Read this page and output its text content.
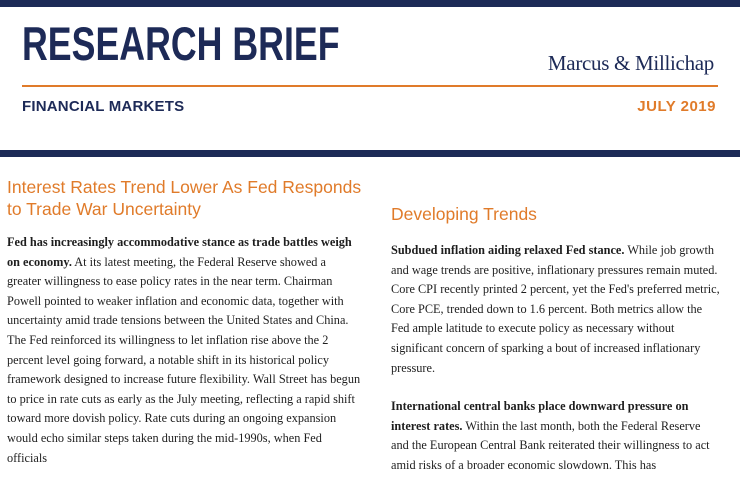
RESEARCH BRIEF	Marcus & Millichap
FINANCIAL MARKETS	JULY 2019
Interest Rates Trend Lower As Fed Responds to Trade War Uncertainty

Fed has increasingly accommodative stance as trade battles weigh on economy. At its latest meeting, the Federal Reserve showed a greater willingness to ease policy rates in the near term. Chairman Powell pointed to weaker inflation and economic data, together with uncertainty amid trade tensions between the United States and China. The Fed reinforced its willingness to let inflation rise above the 2 percent level going forward, a notable shift in its historical policy framework designed to increase future flexibility. Wall Street has begun to price in rate cuts as early as the July meeting, reflecting a rapid shift toward more dovish policy. Rate cuts during an ongoing expansion would echo similar steps taken during the mid-1990s, when Fed officials

Developing Trends

Subdued inflation aiding relaxed Fed stance. While job growth and wage trends are positive, inflationary pressures remain muted. Core CPI recently printed 2 percent, yet the Fed's preferred metric, Core PCE, trended down to 1.6 percent. Both metrics allow the Fed ample latitude to execute policy as necessary without significant concern of sparking a bout of increased inflationary pressure.

International central banks place downward pressure on interest rates. Within the last month, both the Federal Reserve and the European Central Bank reiterated their willingness to act amid risks of a broader economic slowdown. This has
